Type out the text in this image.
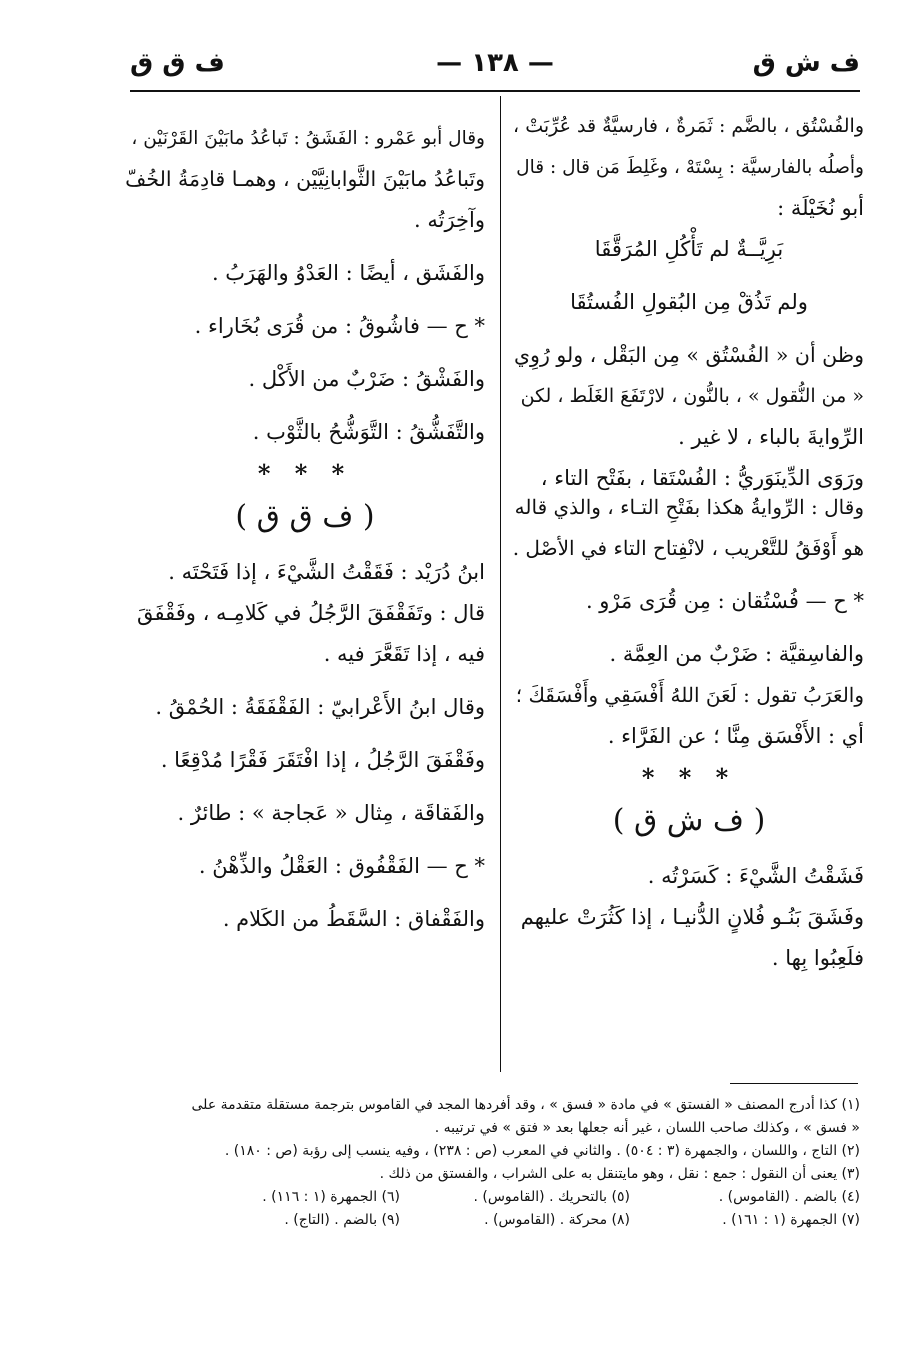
ف ش ق
— ١٣٨ —
ف ق ق
والفُسْتُق ، بالضَّم : ثَمَرةٌ ، فارسيَّةٌ قد عُرِّبَتْ ،
وأصلُه بالفارسيَّة : بِسْتَهْ ، وغَلِطَ مَن قال : قال
أبو نُخَيْلَة :
بَرِيَّــةٌ لم تَأْكُلِ المُرَقَّقَا
ولم تَذُقْ مِن البُقولِ الفُستُقَا
وظن أن « الفُسْتُق » مِن البَقْل ، ولو رُوِي
« من النُّقول » ، بالنُّون ، لارْتَفَعَ الغَلَط ، لكن
الرِّوايةَ بالباء ، لا غير .
ورَوَى الدِّينَوَريُّ : الفُسْتَقا ، بفَتْح التاء ،
وقال : الرِّوايةُ هكذا بفَتْحِ التـاء ، والذي قاله
هو أَوْفَقُ للتَّعْريب ، لانْفِتاح التاء في الأصْل .
* ح — فُسْتُقان : مِن قُرَى مَرْو .
والفاسِقيَّة : ضَرْبٌ من العِمَّة .
والعَرَبُ تقول : لَعَنَ اللهُ أَفْسَقِي وأَفْسَقَكَ ؛
أي : الأَفْسَق مِنَّا ؛ عن الفَرَّاء .
* * *
( ف ش ق )
فَشَقْتُ الشَّيْءَ : كَسَرْتُه .
وفَشَقَ بَنُـو فُلانٍ الدُّنيـا ، إذا كَثُرَتْ عليهم
فلَعِبُوا بِها .
وقال أبو عَمْرو : الفَشَقُ : تَباعُدُ مابَيْنَ القَرْنَيْن ،
وتَباعُدُ مابَيْنَ الثَّوابانِيَّيْن ، وهمـا قادِمَةُ الخُفّ
وآخِرَتُه .
والفَشَق ، أيضًا : العَدْوُ والهَرَبُ .
* ح — فاشُوقُ : من قُرَى بُخَاراء .
والفَشْقُ : ضَرْبٌ من الأَكْل .
والتَّفَشُّقُ : التَّوَشُّحُ بالثَّوْب .
* * *
( ف ق ق )
ابنُ دُرَيْد : فَقَقْتُ الشَّيْءَ ، إذا فَتَحْتَه .
قال : وتَفَقْفَقَ الرَّجُلُ في كَلامِـه ، وفَقْفَقَ
فيه ، إذا تَقَعَّرَ فيه .
وقال ابنُ الأَعْرابيّ : الفَقْفَقَةُ : الحُمْقُ .
وفَقْفَقَ الرَّجُلُ ، إذا افْتَقَرَ فَقْرًا مُدْقِعًا .
والفَقاقَة ، مِثال « عَجاجة » : طائرٌ .
* ح — الفَقْفُوق : العَقْلُ والذِّهْنُ .
والفَقْفاق : السَّقَطُ من الكَلام .
(١) كذا أدرج المصنف « الفستق » في مادة « فسق » ، وقد أفردها المجد في القاموس بترجمة مستقلة متقدمة على
« فسق » ، وكذلك صاحب اللسان ، غير أنه جعلها بعد « فتق » في ترتيبه .
(٢) التاج ، واللسان ، والجمهرة (٣ : ٥٠٤) . والثاني في المعرب (ص : ٢٣٨) ، وفيه ينسب إلى رؤبة (ص : ١٨٠) .
(٣) يعنى أن النقول : جمع : نقل ، وهو مايتنقل به على الشراب ، والفستق من ذلك .
(٤) بالضم . (القاموس) .(٥) بالتحريك . (القاموس) .(٦) الجمهرة (١ : ١١٦) .
(٧) الجمهرة (١ : ١٦١) .(٨) محركة . (القاموس) .(٩) بالضم . (التاج) .
